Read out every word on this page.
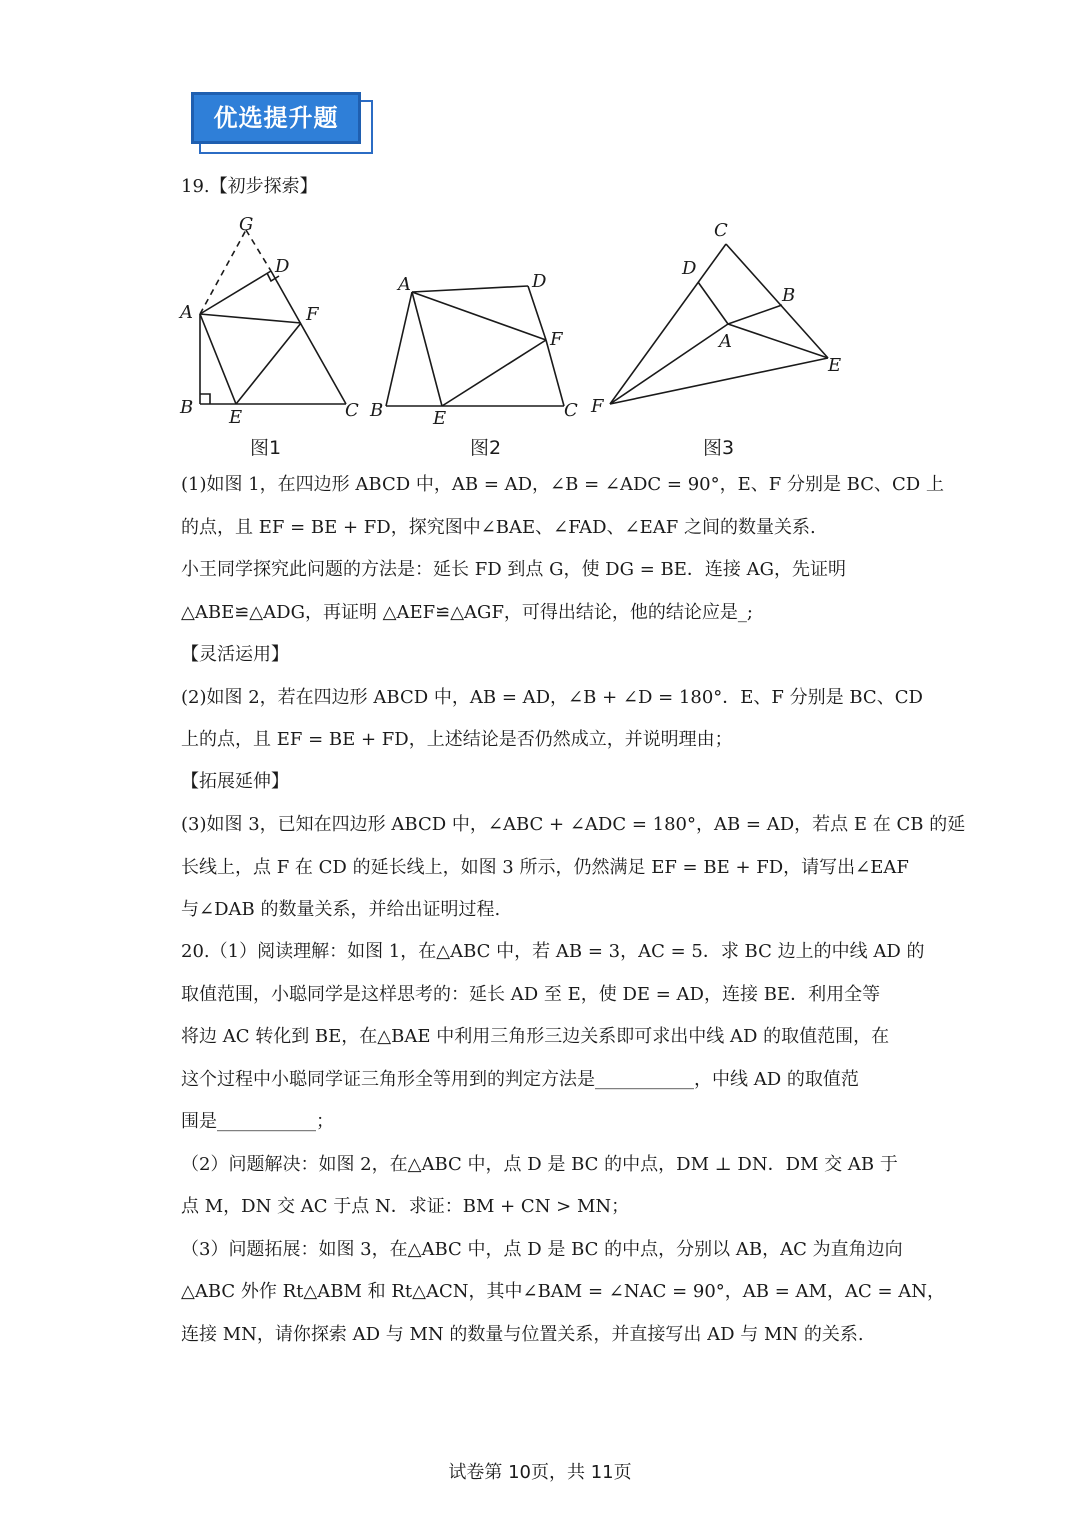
优选提升题
19.【初步探索】
G
D
A	F
B E	C
图1
A	D
F
B	E	C
图2
C
D
B
A
E
F
图3
(1)如图 1，在四边形 ABCD 中，AB = AD，∠B = ∠ADC = 90°，E、F 分别是 BC、CD 上
的点，且 EF = BE + FD，探究图中∠BAE、∠FAD、∠EAF 之间的数量关系.
小王同学探究此问题的方法是：延长 FD 到点 G，使 DG = BE．连接 AG，先证明
△ABE≌△ADG，再证明 △AEF≌△AGF，可得出结论，他的结论应是_;
【灵活运用】
(2)如图 2，若在四边形 ABCD 中，AB = AD，∠B + ∠D = 180°．E、F 分别是 BC、CD
上的点，且 EF = BE + FD，上述结论是否仍然成立，并说明理由；
【拓展延伸】
(3)如图 3，已知在四边形 ABCD 中，∠ABC + ∠ADC = 180°，AB = AD，若点 E 在 CB 的延
长线上，点 F 在 CD 的延长线上，如图 3 所示，仍然满足 EF = BE + FD，请写出∠EAF
与∠DAB 的数量关系，并给出证明过程.
20.（1）阅读理解：如图 1，在△ABC 中，若 AB = 3，AC = 5．求 BC 边上的中线 AD 的
取值范围，小聪同学是这样思考的：延长 AD 至 E，使 DE = AD，连接 BE．利用全等
将边 AC 转化到 BE，在△BAE 中利用三角形三边关系即可求出中线 AD 的取值范围，在
这个过程中小聪同学证三角形全等用到的判定方法是___________，中线 AD 的取值范
围是___________；
（2）问题解决：如图 2，在△ABC 中，点 D 是 BC 的中点，DM ⊥ DN．DM 交 AB 于
点 M，DN 交 AC 于点 N．求证：BM + CN > MN；
（3）问题拓展：如图 3，在△ABC 中，点 D 是 BC 的中点，分别以 AB，AC 为直角边向
△ABC 外作 Rt△ABM 和 Rt△ACN，其中∠BAM = ∠NAC = 90°，AB = AM，AC = AN，
连接 MN，请你探索 AD 与 MN 的数量与位置关系，并直接写出 AD 与 MN 的关系.
试卷第 10页，共 11页
